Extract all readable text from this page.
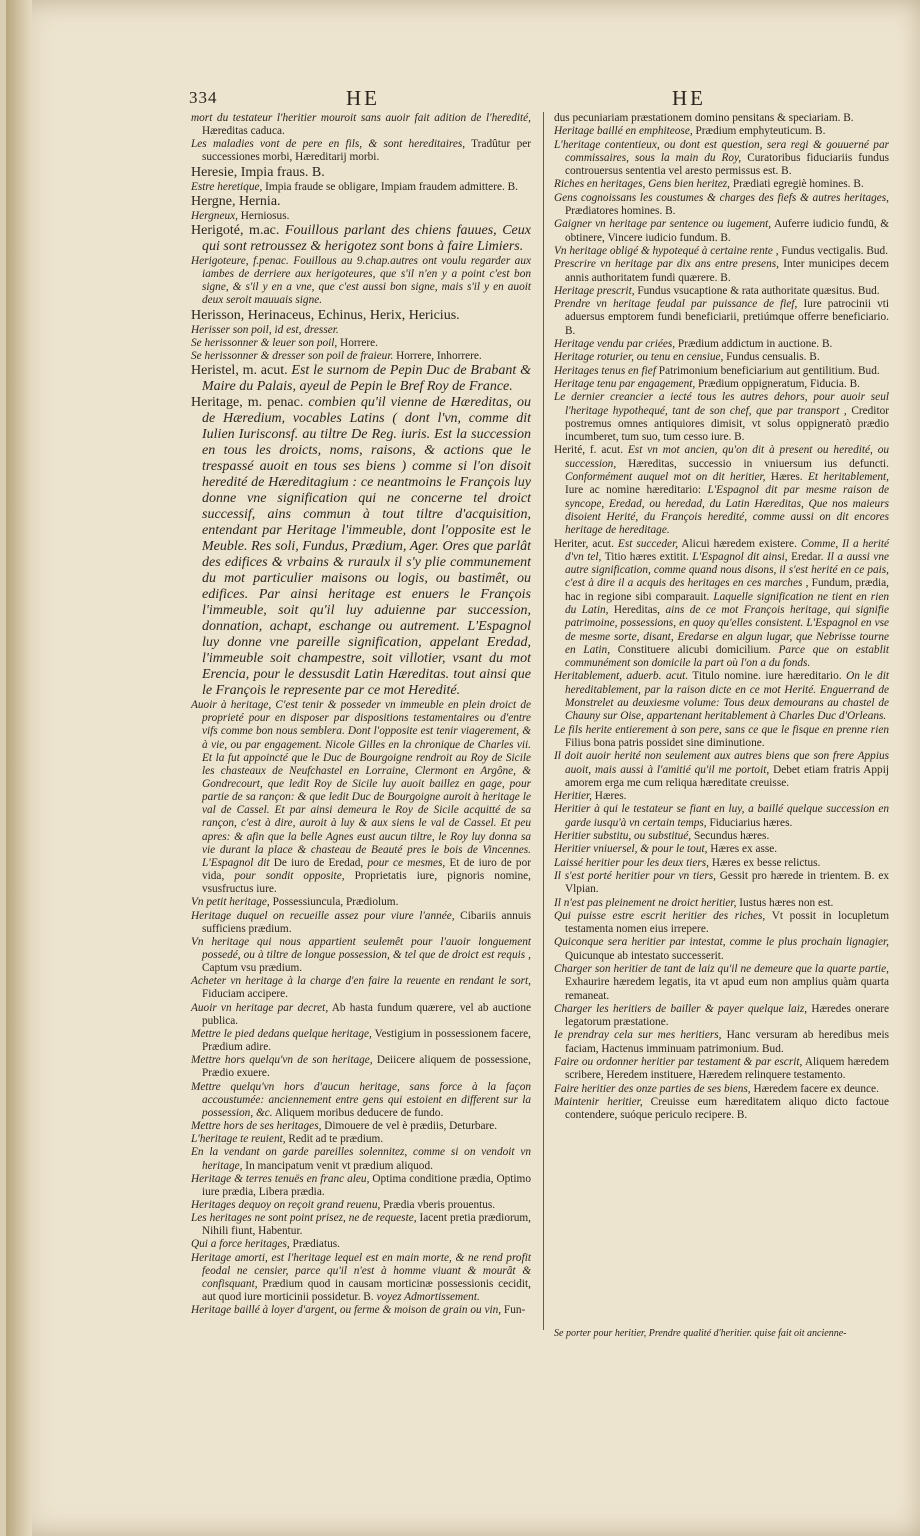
334	HE	HE

mort du testateur l'heritier mouroit sans auoir fait adition de l'heredité, Hæreditas caduca.

Les maladies vont de pere en fils, & sont hereditaires, Tradûtur per successiones morbi, Hæreditarij morbi.

Heresie, Impia fraus. B.

Estre heretique, Impia fraude se obligare, Impiam fraudem admittere. B.

Hergne, Hernia.

Hergneux, Herniosus.

Herigoté, m.ac. Fouillous parlant des chiens fauues, Ceux qui sont retroussez & herigotez sont bons à faire Limiers.

Herigoteure, f.penac. Fouillous au 9.chap.autres ont voulu regarder aux iambes de derriere aux herigoteures, que s'il n'en y a point c'est bon signe, & s'il y en a vne, que c'est aussi bon signe, mais s'il y en auoit deux seroit mauuais signe.

Herisson, Herinaceus, Echinus, Herix, Hericius.

Herisser son poil, id est, dresser.

Se herissonner & leuer son poil, Horrere.

Se herissonner & dresser son poil de fraieur. Horrere, Inhorrere.

Heristel, m. acut. Est le surnom de Pepin Duc de Brabant & Maire du Palais, ayeul de Pepin le Bref Roy de France.

Heritage, m. penac. combien qu'il vienne de Hæreditas, ou de Hæredium, vocables Latins ( dont l'vn, comme dit Iulien Iurisconsf. au tiltre De Reg. iuris. Est la succession en tous les droicts, noms, raisons, & actions que le trespassé auoit en tous ses biens ) comme si l'on disoit heredité de Hæreditagium : ce neantmoins le François luy donne vne signification qui ne concerne tel droict successif, ains commun à tout tiltre d'acquisition, entendant par Heritage l'immeuble, dont l'opposite est le Meuble. Res soli, Fundus, Prædium, Ager. Ores que parlât des edifices & vrbains & ruraulx il s'y plie communement du mot particulier maisons ou logis, ou bastimêt, ou edifices. Par ainsi heritage est enuers le François l'immeuble, soit qu'il luy aduienne par succession, donnation, achapt, eschange ou autrement. L'Espagnol luy donne vne pareille signification, appelant Eredad, l'immeuble soit champestre, soit villotier, vsant du mot Erencia, pour le dessusdit Latin Hæreditas. tout ainsi que le François le represente par ce mot Heredité.

Auoir à heritage, C'est tenir & posseder vn immeuble en plein droict de proprieté pour en disposer par dispositions testamentaires ou d'entre vifs comme bon nous semblera. Dont l'opposite est tenir viagerement, & à vie, ou par engagement. Nicole Gilles en la chronique de Charles vii. Et la fut appoincté que le Duc de Bourgoigne rendroit au Roy de Sicile les chasteaux de Neufchastel en Lorraine, Clermont en Argône, & Gondrecourt, que ledit Roy de Sicile luy auoit baillez en gage, pour partie de sa rançon: & que ledit Duc de Bourgoigne auroit à heritage le val de Cassel. Et par ainsi demeura le Roy de Sicile acquitté de sa rançon, c'est à dire, auroit à luy & aux siens le val de Cassel. Et peu apres: & afin que la belle Agnes eust aucun tiltre, le Roy luy donna sa vie durant la place & chasteau de Beauté pres le bois de Vincennes. L'Espagnol dit De iuro de Eredad, pour ce mesmes, Et de iuro de por vida, pour sondit opposite, Proprietatis iure, pignoris nomine, vsusfructus iure.

Vn petit heritage, Possessiuncula, Prædiolum.

Heritage duquel on recueille assez pour viure l'année, Cibariis annuis sufficiens prædium.

Vn heritage qui nous appartient seulemêt pour l'auoir longuement possedé, ou à tiltre de longue possession, & tel que de droict est requis , Captum vsu prædium.

Acheter vn heritage à la charge d'en faire la reuente en rendant le sort, Fiduciam accipere.

Auoir vn heritage par decret, Ab hasta fundum quærere, vel ab auctione publica.

Mettre le pied dedans quelque heritage, Vestigium in possessionem facere, Prædium adire.

Mettre hors quelqu'vn de son heritage, Deiicere aliquem de possessione, Prædio exuere.

Mettre quelqu'vn hors d'aucun heritage, sans force à la façon accoustumée: anciennement entre gens qui estoient en different sur la possession, &c. Aliquem moribus deducere de fundo.

Mettre hors de ses heritages, Dimouere de vel è prædiis, Deturbare.

L'heritage te reuient, Redit ad te prædium.

En la vendant on garde pareilles solennitez, comme si on vendoit vn heritage, In mancipatum venit vt prædium aliquod.

Heritage & terres tenuës en franc aleu, Optima conditione prædia, Optimo iure prædia, Libera prædia.

Heritages dequoy on reçoit grand reuenu, Prædia vberis prouentus.

Les heritages ne sont point prisez, ne de requeste, Iacent pretia prædiorum, Nihili fiunt, Habentur.

Qui a force heritages, Prædiatus.

Heritage amorti, est l'heritage lequel est en main morte, & ne rend profit feodal ne censier, parce qu'il n'est à homme viuant & mourât & confisquant, Prædium quod in causam morticinæ possessionis cecidit, aut quod iure morticinii possidetur. B. voyez Admortissement.

Heritage baillé à loyer d'argent, ou ferme & moison de grain ou vin, Fun-

dus pecuniariam præstationem domino pensitans & speciariam. B.

Heritage baillé en emphiteose, Prædium emphyteuticum. B.

L'heritage contentieux, ou dont est question, sera regi & gouuerné par commissaires, sous la main du Roy, Curatoribus fiduciariis fundus controuersus sententia vel aresto permissus est. B.

Riches en heritages, Gens bien heritez, Prædiati egregiè homines. B.

Gens cognoissans les coustumes & charges des fiefs & autres heritages, Prædiatores homines. B.

Gaigner vn heritage par sentence ou iugement, Auferre iudicio fundū, & obtinere, Vincere iudicio fundum. B.

Vn heritage obligé & hypotequé à certaine rente , Fundus vectigalis. Bud.

Prescrire vn heritage par dix ans entre presens, Inter municipes decem annis authoritatem fundi quærere. B.

Heritage prescrit, Fundus vsucaptione & rata authoritate quæsitus. Bud.

Prendre vn heritage feudal par puissance de fief, Iure patrocinii vti aduersus emptorem fundi beneficiarii, pretiúmque offerre beneficiario. B.

Heritage vendu par criées, Prædium addictum in auctione. B.

Heritage roturier, ou tenu en censiue, Fundus censualis. B.

Heritages tenus en fief Patrimonium beneficiarium aut gentilitium. Bud.

Heritage tenu par engagement, Prædium oppigneratum, Fiducia. B.

Le dernier creancier a iecté tous les autres dehors, pour auoir seul l'heritage hypothequé, tant de son chef, que par transport , Creditor postremus omnes antiquiores dimisit, vt solus oppigneratò prædio incumberet, tum suo, tum cesso iure. B.

Herité, f. acut. Est vn mot ancien, qu'on dit à present ou heredité, ou succession, Hæreditas, successio in vniuersum ius defuncti. Conformément auquel mot on dit heritier, Hæres. Et heritablement, Iure ac nomine hæreditario: L'Espagnol dit par mesme raison de syncope, Eredad, ou heredad, du Latin Hæreditas, Que nos maieurs disoient Herité, du François heredité, comme aussi on dit encores heritage de hereditage.

Heriter, acut. Est succeder, Alicui hæredem existere. Comme, Il a herité d'vn tel, Titio hæres extitit. L'Espagnol dit ainsi, Eredar. Il a aussi vne autre signification, comme quand nous disons, il s'est herité en ce pais, c'est à dire il a acquis des heritages en ces marches , Fundum, prædia, hac in regione sibi comparauit. Laquelle signification ne tient en rien du Latin, Hereditas, ains de ce mot François heritage, qui signifie patrimoine, possessions, en quoy qu'elles consistent. L'Espagnol en vse de mesme sorte, disant, Eredarse en algun lugar, que Nebrisse tourne en Latin, Constituere alicubi domicilium. Parce que on establit communément son domicile la part où l'on a du fonds.

Heritablement, aduerb. acut. Titulo nomine. iure hæreditario. On le dit hereditablement, par la raison dicte en ce mot Herité. Enguerrand de Monstrelet au deuxiesme volume: Tous deux demourans au chastel de Chauny sur Oise, appartenant heritablement à Charles Duc d'Orleans.

Le fils herite entierement à son pere, sans ce que le fisque en prenne rien Filius bona patris possidet sine diminutione.

Il doit auoir herité non seulement aux autres biens que son frere Appius auoit, mais aussi à l'amitié qu'il me portoit, Debet etiam fratris Appij amorem erga me cum reliqua hæreditate creuisse.

Heritier, Hæres.

Heritier à qui le testateur se fiant en luy, a baillé quelque succession en garde iusqu'à vn certain temps, Fiduciarius hæres.

Heritier substitu, ou substitué, Secundus hæres.

Heritier vniuersel, & pour le tout, Hæres ex asse.

Laissé heritier pour les deux tiers, Hæres ex besse relictus.

Il s'est porté heritier pour vn tiers, Gessit pro hærede in trientem. B. ex Vlpian.

Il n'est pas pleinement ne droict heritier, Iustus hæres non est.

Qui puisse estre escrit heritier des riches, Vt possit in locupletum testamenta nomen eius irrepere.

Quiconque sera heritier par intestat, comme le plus prochain lignagier, Quicunque ab intestato successerit.

Charger son heritier de tant de laiz qu'il ne demeure que la quarte partie, Exhaurire hæredem legatis, ita vt apud eum non amplius quàm quarta remaneat.

Charger les heritiers de bailler & payer quelque laiz, Hæredes onerare legatorum præstatione.

Ie prendray cela sur mes heritiers, Hanc versuram ab heredibus meis faciam, Hactenus imminuam patrimonium. Bud.

Faire ou ordonner heritier par testament & par escrit, Aliquem hæredem scribere, Heredem instituere, Hæredem relinquere testamento.

Faire heritier des onze parties de ses biens, Hæredem facere ex deunce.

Maintenir heritier, Creuisse eum hæreditatem aliquo dicto factoue contendere, suóque periculo recipere. B.

Se porter pour heritier, Prendre qualité d'heritier. quise fait oit ancienne-
